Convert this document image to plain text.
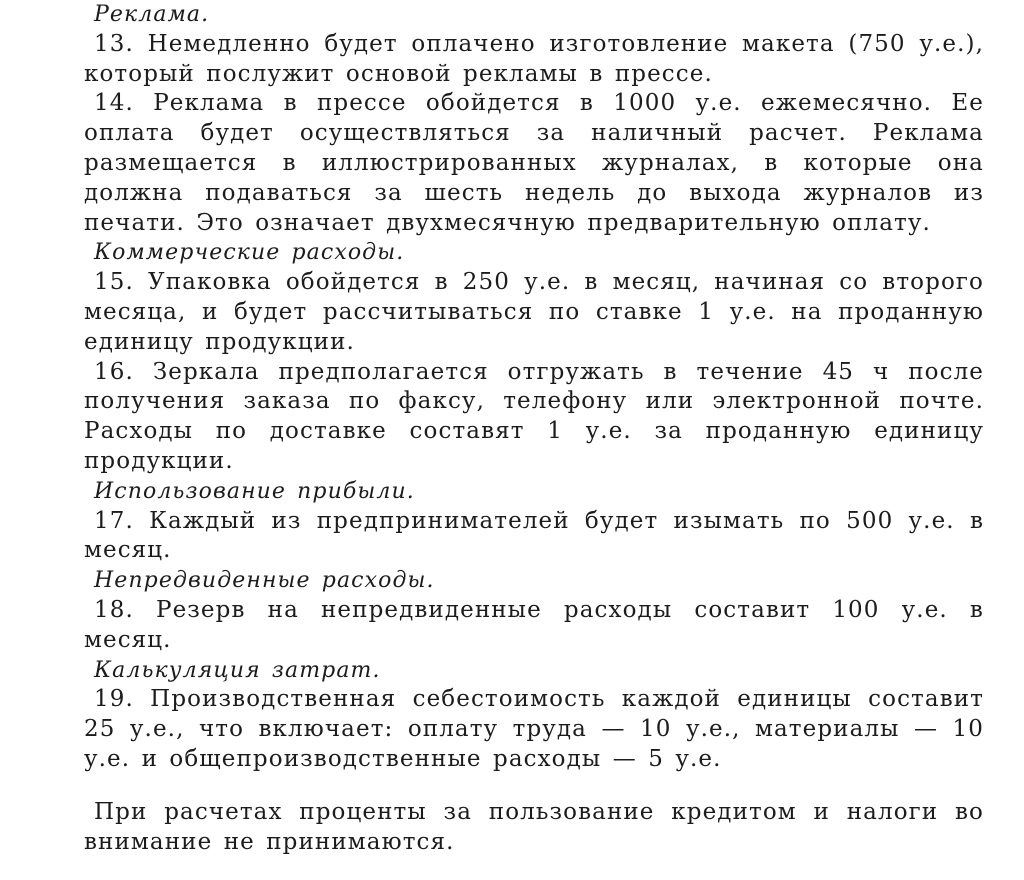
Реклама.

13. Немедленно будет оплачено изготовление макета (750 у.е.), который послужит основой рекламы в прессе.

14. Реклама в прессе обойдется в 1000 у.е. ежемесячно. Ее оплата будет осуществляться за наличный расчет. Реклама размещается в иллюстрированных журналах, в которые она должна подаваться за шесть недель до выхода журналов из печати. Это означает двухмесячную предварительную оплату.

Коммерческие расходы.

15. Упаковка обойдется в 250 у.е. в месяц, начиная со второго месяца, и будет рассчитываться по ставке 1 у.е. на проданную единицу продукции.

16. Зеркала предполагается отгружать в течение 45 ч после получения заказа по факсу, телефону или электронной почте. Расходы по доставке составят 1 у.е. за проданную единицу продукции.

Использование прибыли.

17. Каждый из предпринимателей будет изымать по 500 у.е. в месяц.

Непредвиденные расходы.

18. Резерв на непредвиденные расходы составит 100 у.е. в месяц.

Калькуляция затрат.

19. Производственная себестоимость каждой единицы составит 25 у.е., что включает: оплату труда — 10 у.е., материалы — 10 у.е. и общепроизводственные расходы — 5 у.е.

При расчетах проценты за пользование кредитом и налоги во внимание не принимаются.
